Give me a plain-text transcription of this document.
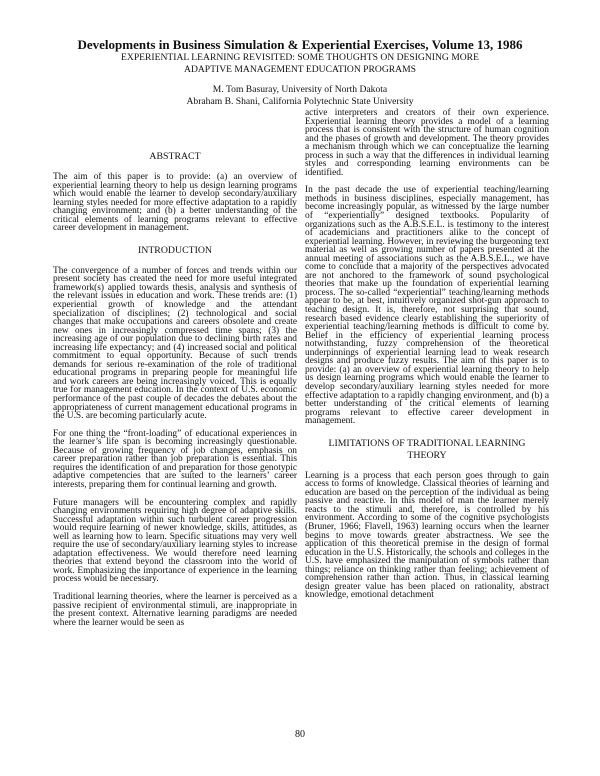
Developments in Business Simulation & Experiential Exercises, Volume 13, 1986
EXPERIENTIAL LEARNING REVISITED: SOME THOUGHTS ON DESIGNING MORE
ADAPTIVE MANAGEMENT EDUCATION PROGRAMS
M. Tom Basuray, University of North Dakota
Abraham B. Shani, California Polytechnic State University
ABSTRACT

The aim of this paper is to provide: (a) an overview of experiential learning theory to help us design learning programs which would enable the learner to develop secondary/auxiliary learning styles needed for more effective adaptation to a rapidly changing environment; and (b) a better understanding of the critical elements of learning programs relevant to effective career development in management.

INTRODUCTION

The convergence of a number of forces and trends within our present society has created the need for more useful integrated framework(s) applied towards thesis, analysis and synthesis of the relevant issues in education and work. These trends are: (1) experiential growth of knowledge and the attendant specialization of disciplines; (2) technological and social changes that make occupations and careers obsolete and create new ones in increasingly compressed time spans; (3) the increasing age of our population due to declining birth rates and increasing life expectancy; and (4) increased social and political commitment to equal opportunity. Because of such trends demands for serious re-examination of the role of traditional educational programs in preparing people for meaningful life and work careers are being increasingly voiced. This is equally true for management education. In the context of U.S. economic performance of the past couple of decades the debates about the appropriateness of current management educational programs in the U.S. are becoming particularly acute.

For one thing the “front-loading” of educational experiences in the learner’s life span is becoming increasingly questionable. Because of growing frequency of job changes, emphasis on career preparation rather than job preparation is essential. This requires the identification of and preparation for those genotypic adaptive competencies that are suited to the learners’ career interests, preparing them for continual learning and growth.

Future managers will be encountering complex and rapidly changing environments requiring high degree of adaptive skills. Successful adaptation within such turbulent career progression would require learning of newer knowledge, skills, attitudes, as well as learning how to learn. Specific situations may very well require the use of secondary/auxiliary learning styles to increase adaptation effectiveness. We would therefore need learning theories that extend beyond the classroom into the world of work. Emphasizing the importance of experience in the learning process would be necessary.

Traditional learning theories, where the learner is perceived as a passive recipient of environmental stimuli, are inappropriate in the present context. Alternative learning paradigms are needed where the learner would be seen as

active interpreters and creators of their own experience. Experiential learning theory provides a model of a learning process that is consistent with the structure of human cognition and the phases of growth and development. The theory provides a mechanism through which we can conceptualize the learning process in such a way that the differences in individual learning styles and corresponding learning environments can be identified.

In the past decade the use of experiential teaching/learning methods in business disciplines, especially management, has become increasingly popular, as witnessed by the large number of “experientially” designed textbooks. Popularity of organizations such as the A.B.S.E.L. is testimony to the interest of academicians and practitioners alike to the concept of experiential learning. However, in reviewing the burgeoning text material as well as growing number of papers presented at the annual meeting of associations such as the A.B.S.E.L., we have come to conclude that a majority of the perspectives advocated are not anchored to the framework of sound psychological theories that make up the foundation of experiential learning process. The so-called “experiential” teaching/learning methods appear to be, at best, intuitively organized shot-gun approach to teaching design. It is, therefore, not surprising that sound, research based evidence clearly establishing the superiority of experiential teaching/learning methods is difficult to come by. Belief in the efficiency of experiential learning process notwithstanding, fuzzy comprehension of the theoretical underpinnings of experiential learning lead to weak research designs and produce fuzzy results. The aim of this paper is to provide: (a) an overview of experiential learning theory to help us design learning programs which would enable the learner to develop secondary/auxiliary learning styles needed for more effective adaptation to a rapidly changing environment, and (b) a better understanding of the critical elements of learning programs relevant to effective career development in management.

LIMITATIONS OF TRADITIONAL LEARNING
THEORY

Learning is a process that each person goes through to gain access to forms of knowledge. Classical theories of learning and education are based on the perception of the individual as being passive and reactive. In this model of man the learner merely reacts to the stimuli and, therefore, is controlled by his environment. According to some of the cognitive psychologists (Bruner, 1966; Flavell, 1963) learning occurs when the learner begins to move towards greater abstractness. We see the application of this theoretical premise in the design of formal education in the U.S. Historically, the schools and colleges in the U.S. have emphasized the manipulation of symbols rather than things; reliance on thinking rather than feeling; achievement of comprehension rather than action. Thus, in classical learning design greater value has been placed on rationality, abstract knowledge, emotional detachment

80
